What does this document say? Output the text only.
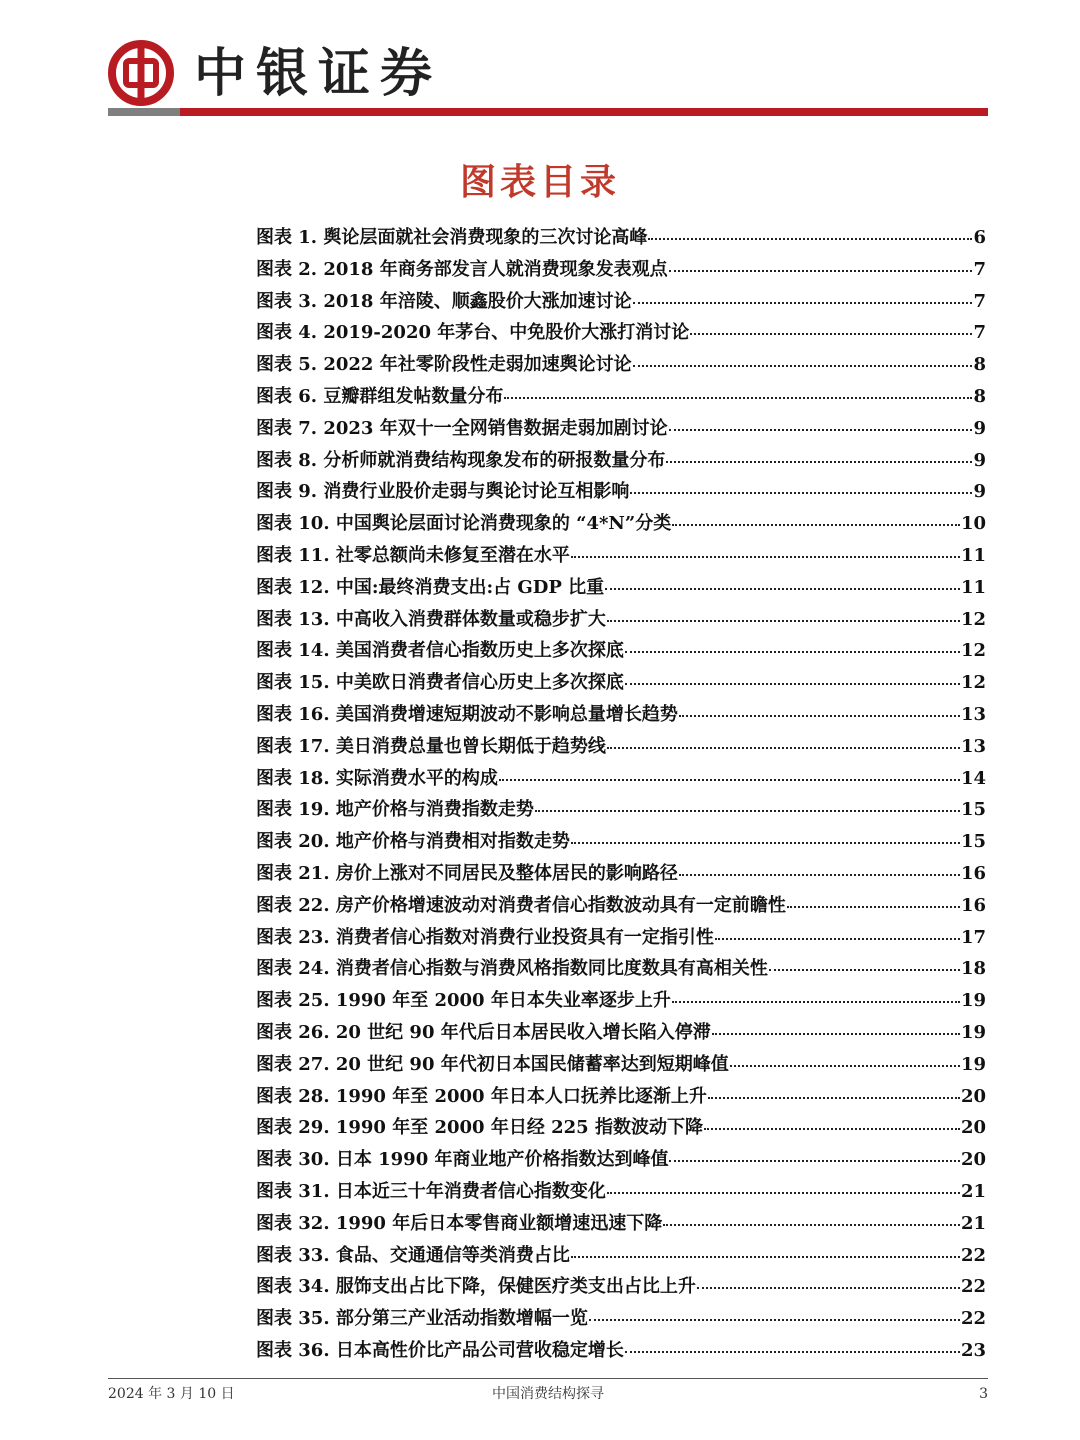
中银证券
图表目录
图表 1. 舆论层面就社会消费现象的三次讨论高峰	6
图表 2. 2018 年商务部发言人就消费现象发表观点	7
图表 3. 2018 年涪陵、顺鑫股价大涨加速讨论	7
图表 4. 2019-2020 年茅台、中免股价大涨打消讨论	7
图表 5. 2022 年社零阶段性走弱加速舆论讨论	8
图表 6. 豆瓣群组发帖数量分布	8
图表 7. 2023 年双十一全网销售数据走弱加剧讨论	9
图表 8. 分析师就消费结构现象发布的研报数量分布	9
图表 9. 消费行业股价走弱与舆论讨论互相影响	9
图表 10. 中国舆论层面讨论消费现象的 “4*N”分类	10
图表 11. 社零总额尚未修复至潜在水平	11
图表 12. 中国:最终消费支出:占 GDP 比重	11
图表 13. 中高收入消费群体数量或稳步扩大	12
图表 14. 美国消费者信心指数历史上多次探底	12
图表 15. 中美欧日消费者信心历史上多次探底	12
图表 16. 美国消费增速短期波动不影响总量增长趋势	13
图表 17. 美日消费总量也曾长期低于趋势线	13
图表 18. 实际消费水平的构成	14
图表 19. 地产价格与消费指数走势	15
图表 20. 地产价格与消费相对指数走势	15
图表 21. 房价上涨对不同居民及整体居民的影响路径	16
图表 22. 房产价格增速波动对消费者信心指数波动具有一定前瞻性	16
图表 23. 消费者信心指数对消费行业投资具有一定指引性	17
图表 24. 消费者信心指数与消费风格指数同比度数具有高相关性	18
图表 25. 1990 年至 2000 年日本失业率逐步上升	19
图表 26. 20 世纪 90 年代后日本居民收入增长陷入停滞	19
图表 27. 20 世纪 90 年代初日本国民储蓄率达到短期峰值	19
图表 28. 1990 年至 2000 年日本人口抚养比逐渐上升	20
图表 29. 1990 年至 2000 年日经 225 指数波动下降	20
图表 30. 日本 1990 年商业地产价格指数达到峰值	20
图表 31. 日本近三十年消费者信心指数变化	21
图表 32. 1990 年后日本零售商业额增速迅速下降	21
图表 33. 食品、交通通信等类消费占比	22
图表 34. 服饰支出占比下降，保健医疗类支出占比上升	22
图表 35. 部分第三产业活动指数增幅一览	22
图表 36. 日本高性价比产品公司营收稳定增长	23
2024 年 3 月 10 日	中国消费结构探寻	3
